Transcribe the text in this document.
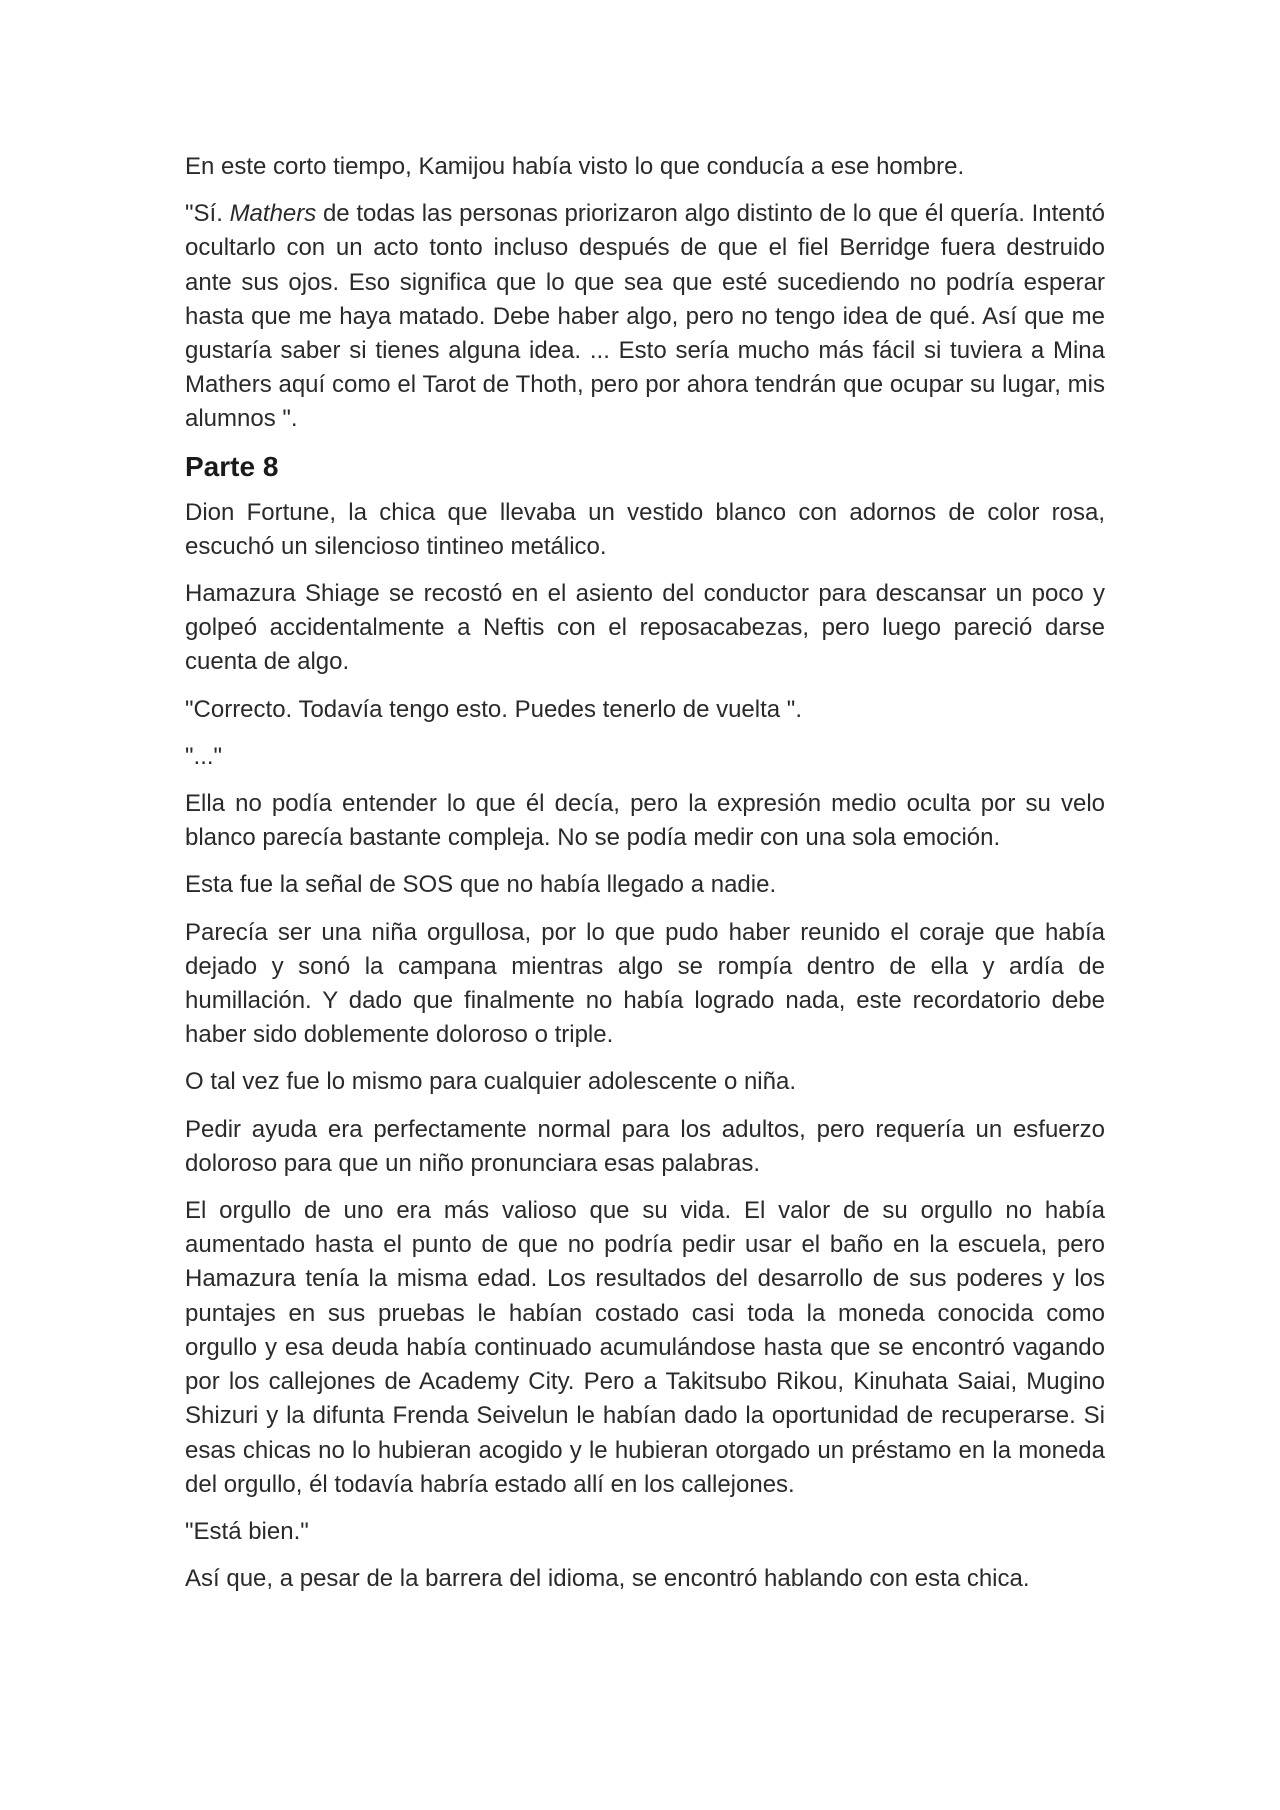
En este corto tiempo, Kamijou había visto lo que conducía a ese hombre.

"Sí. Mathers de todas las personas priorizaron algo distinto de lo que él quería. Intentó ocultarlo con un acto tonto incluso después de que el fiel Berridge fuera destruido ante sus ojos. Eso significa que lo que sea que esté sucediendo no podría esperar hasta que me haya matado. Debe haber algo, pero no tengo idea de qué. Así que me gustaría saber si tienes alguna idea. ... Esto sería mucho más fácil si tuviera a Mina Mathers aquí como el Tarot de Thoth, pero por ahora tendrán que ocupar su lugar, mis alumnos ".

Parte 8

Dion Fortune, la chica que llevaba un vestido blanco con adornos de color rosa, escuchó un silencioso tintineo metálico.

Hamazura Shiage se recostó en el asiento del conductor para descansar un poco y golpeó accidentalmente a Neftis con el reposacabezas, pero luego pareció darse cuenta de algo.

"Correcto. Todavía tengo esto. Puedes tenerlo de vuelta ".

"..."

Ella no podía entender lo que él decía, pero la expresión medio oculta por su velo blanco parecía bastante compleja. No se podía medir con una sola emoción.

Esta fue la señal de SOS que no había llegado a nadie.

Parecía ser una niña orgullosa, por lo que pudo haber reunido el coraje que había dejado y sonó la campana mientras algo se rompía dentro de ella y ardía de humillación. Y dado que finalmente no había logrado nada, este recordatorio debe haber sido doblemente doloroso o triple.

O tal vez fue lo mismo para cualquier adolescente o niña.

Pedir ayuda era perfectamente normal para los adultos, pero requería un esfuerzo doloroso para que un niño pronunciara esas palabras.

El orgullo de uno era más valioso que su vida. El valor de su orgullo no había aumentado hasta el punto de que no podría pedir usar el baño en la escuela, pero Hamazura tenía la misma edad. Los resultados del desarrollo de sus poderes y los puntajes en sus pruebas le habían costado casi toda la moneda conocida como orgullo y esa deuda había continuado acumulándose hasta que se encontró vagando por los callejones de Academy City. Pero a Takitsubo Rikou, Kinuhata Saiai, Mugino Shizuri y la difunta Frenda Seivelun le habían dado la oportunidad de recuperarse. Si esas chicas no lo hubieran acogido y le hubieran otorgado un préstamo en la moneda del orgullo, él todavía habría estado allí en los callejones.

"Está bien."

Así que, a pesar de la barrera del idioma, se encontró hablando con esta chica.
